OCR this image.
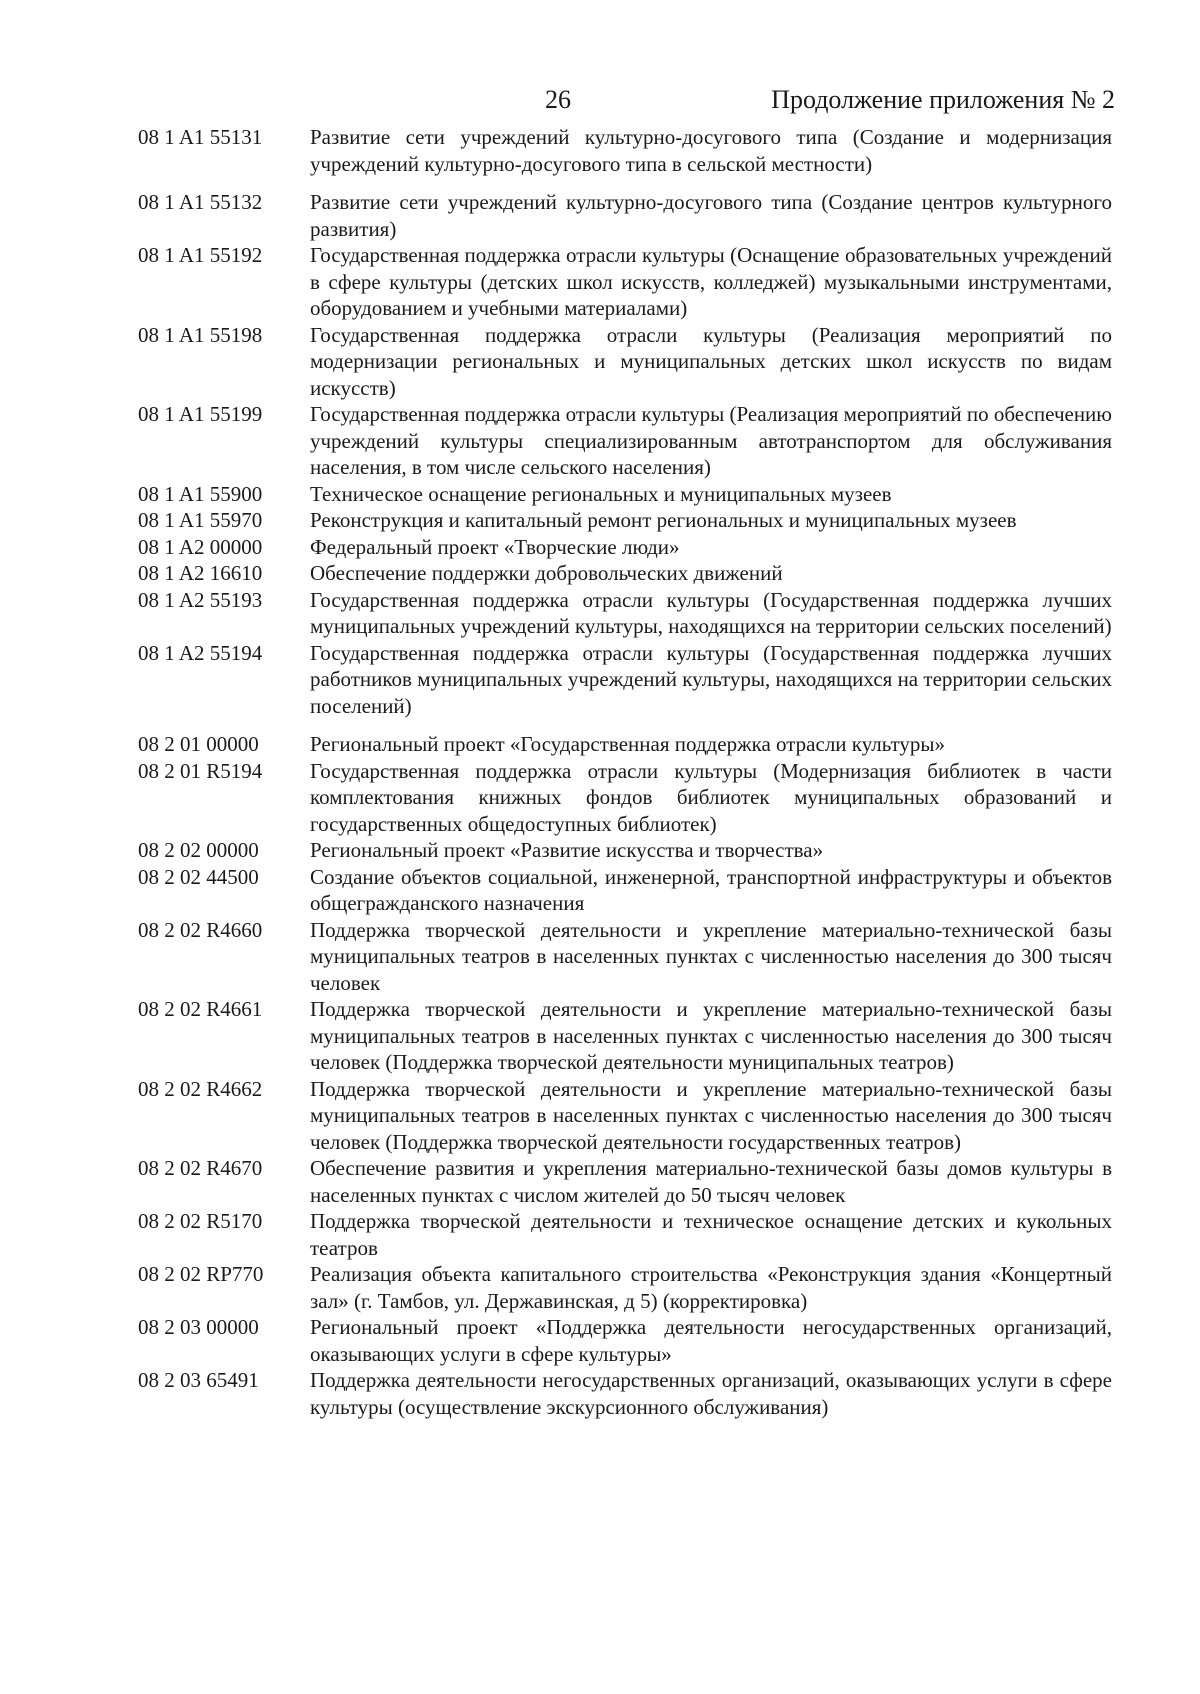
26	Продолжение приложения № 2
08 1 A1 55131	Развитие сети учреждений культурно-досугового типа (Создание и модернизация учреждений культурно-досугового типа в сельской местности)
08 1 A1 55132	Развитие сети учреждений культурно-досугового типа (Создание центров культурного развития)
08 1 A1 55192	Государственная поддержка отрасли культуры (Оснащение образовательных учреждений в сфере культуры (детских школ искусств, колледжей) музыкальными инструментами, оборудованием и учебными материалами)
08 1 A1 55198	Государственная поддержка отрасли культуры (Реализация мероприятий по модернизации региональных и муниципальных детских школ искусств по видам искусств)
08 1 A1 55199	Государственная поддержка отрасли культуры (Реализация мероприятий по обеспечению учреждений культуры специализированным автотранспортом для обслуживания населения, в том числе сельского населения)
08 1 A1 55900	Техническое оснащение региональных и муниципальных музеев
08 1 A1 55970	Реконструкция и капитальный ремонт региональных и муниципальных музеев
08 1 A2 00000	Федеральный проект «Творческие люди»
08 1 A2 16610	Обеспечение поддержки добровольческих движений
08 1 A2 55193	Государственная поддержка отрасли культуры (Государственная поддержка лучших муниципальных учреждений культуры, находящихся на территории сельских поселений)
08 1 A2 55194	Государственная поддержка отрасли культуры (Государственная поддержка лучших работников муниципальных учреждений культуры, находящихся на территории сельских поселений)
08 2 01 00000	Региональный проект «Государственная поддержка отрасли культуры»
08 2 01 R5194	Государственная поддержка отрасли культуры (Модернизация библиотек в части комплектования книжных фондов библиотек муниципальных образований и государственных общедоступных библиотек)
08 2 02 00000	Региональный проект «Развитие искусства и творчества»
08 2 02 44500	Создание объектов социальной, инженерной, транспортной инфраструктуры и объектов общегражданского назначения
08 2 02 R4660	Поддержка творческой деятельности и укрепление материально-технической базы муниципальных театров в населенных пунктах с численностью населения до 300 тысяч человек
08 2 02 R4661	Поддержка творческой деятельности и укрепление материально-технической базы муниципальных театров в населенных пунктах с численностью населения до 300 тысяч человек (Поддержка творческой деятельности муниципальных театров)
08 2 02 R4662	Поддержка творческой деятельности и укрепление материально-технической базы муниципальных театров в населенных пунктах с численностью населения до 300 тысяч человек (Поддержка творческой деятельности государственных театров)
08 2 02 R4670	Обеспечение развития и укрепления материально-технической базы домов культуры в населенных пунктах с числом жителей до 50 тысяч человек
08 2 02 R5170	Поддержка творческой деятельности и техническое оснащение детских и кукольных театров
08 2 02 RP770	Реализация объекта капитального строительства «Реконструкция здания «Концертный зал» (г. Тамбов, ул. Державинская, д 5) (корректировка)
08 2 03 00000	Региональный проект «Поддержка деятельности негосударственных организаций, оказывающих услуги в сфере культуры»
08 2 03 65491	Поддержка деятельности негосударственных организаций, оказывающих услуги в сфере культуры (осуществление экскурсионного обслуживания)
